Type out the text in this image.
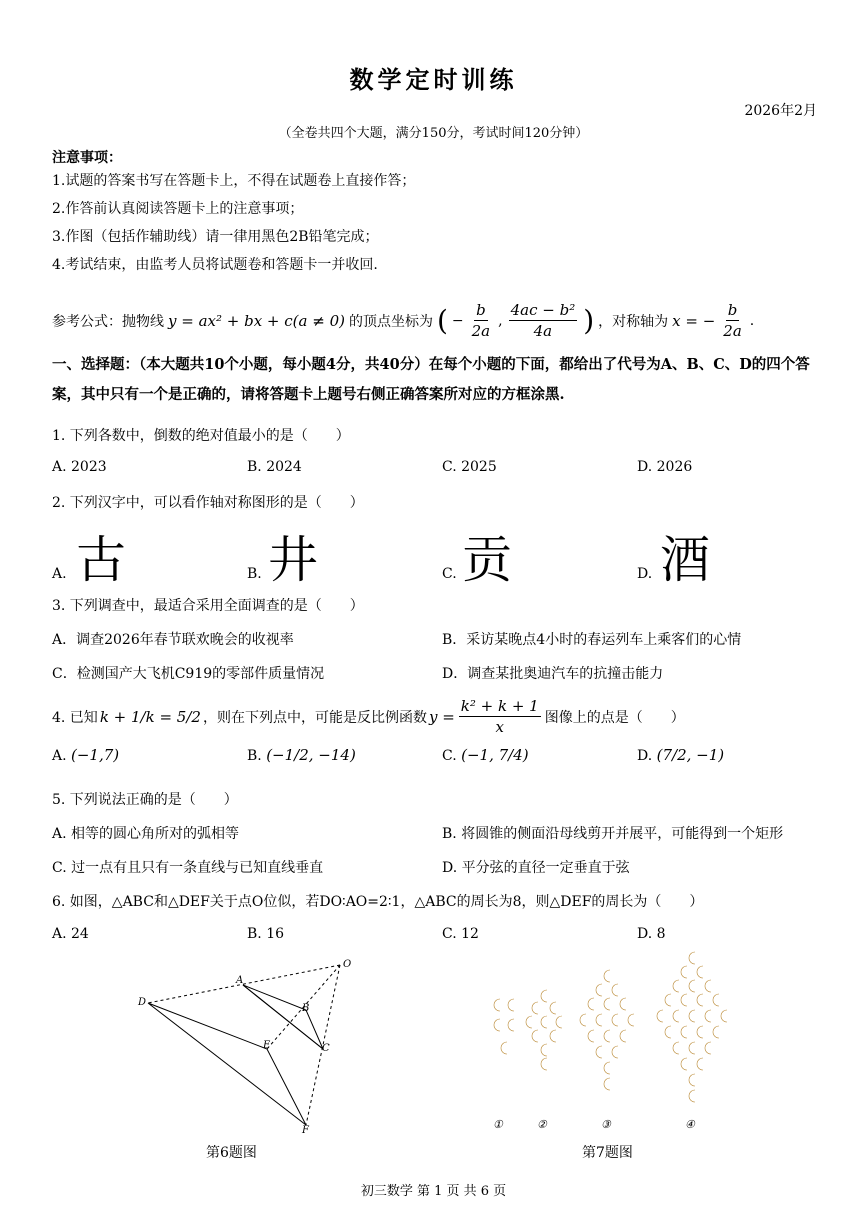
数学定时训练
2026年2月
（全卷共四个大题，满分150分，考试时间120分钟）
注意事项：
1.试题的答案书写在答题卡上，不得在试题卷上直接作答；
2.作答前认真阅读答题卡上的注意事项；
3.作图（包括作辅助线）请一律用黑色2B铅笔完成；
4.考试结束，由监考人员将试题卷和答题卡一并收回.
参考公式：抛物线 y = ax² + bx + c(a ≠ 0) 的顶点坐标为 ( − $\frac{b}{2a}$ , $\frac{\text{4ac − b²}}{4a}$ ) ，对称轴为 x = − $\frac{b}{2a}$ .
一、选择题：（本大题共10个小题，每小题4分，共40分）在每个小题的下面，都给出了代号为A、B、C、D的四个答案，其中只有一个是正确的，请将答题卡上题号右侧正确答案所对应的方框涂黑.
1. 下列各数中，倒数的绝对值最小的是（　　）
A. 2023	B. 2024	C. 2025	D. 2026
2. 下列汉字中，可以看作轴对称图形的是（　　）
A. 古	B. 井	C. 贡	D. 酒
3. 下列调查中，最适合采用全面调查的是（　　）
A．调查2026年春节联欢晚会的收视率	B．采访某晚点4小时的春运列车上乘客们的心情
C．检测国产大飞机C919的零部件质量情况	D．调查某批奥迪汽车的抗撞击能力
4. 已知 k + 1/k = 5/2 ，则在下列点中，可能是反比例函数 $y = \frac{\text{k² + k + 1}}{x}$ 图像上的点是（　　）
A. (−1,7)	B. (−1/2, −14)	C. (−1, 7/4)	D. (7/2, −1)
5. 下列说法正确的是（　　）
A. 相等的圆心角所对的弧相等	B. 将圆锥的侧面沿母线剪开并展平，可能得到一个矩形
C. 过一点有且只有一条直线与已知直线垂直	D. 平分弦的直径一定垂直于弦
6. 如图，△ABC和△DEF关于点O位似，若DO∶AO=2∶1，△ABC的周长为8，则△DEF的周长为（　　）
A. 24	B. 16	C. 12	D. 8
O
A
B
C
D
E
F
第6题图
①	②	③	④
第7题图
初三数学 第 1 页 共 6 页
